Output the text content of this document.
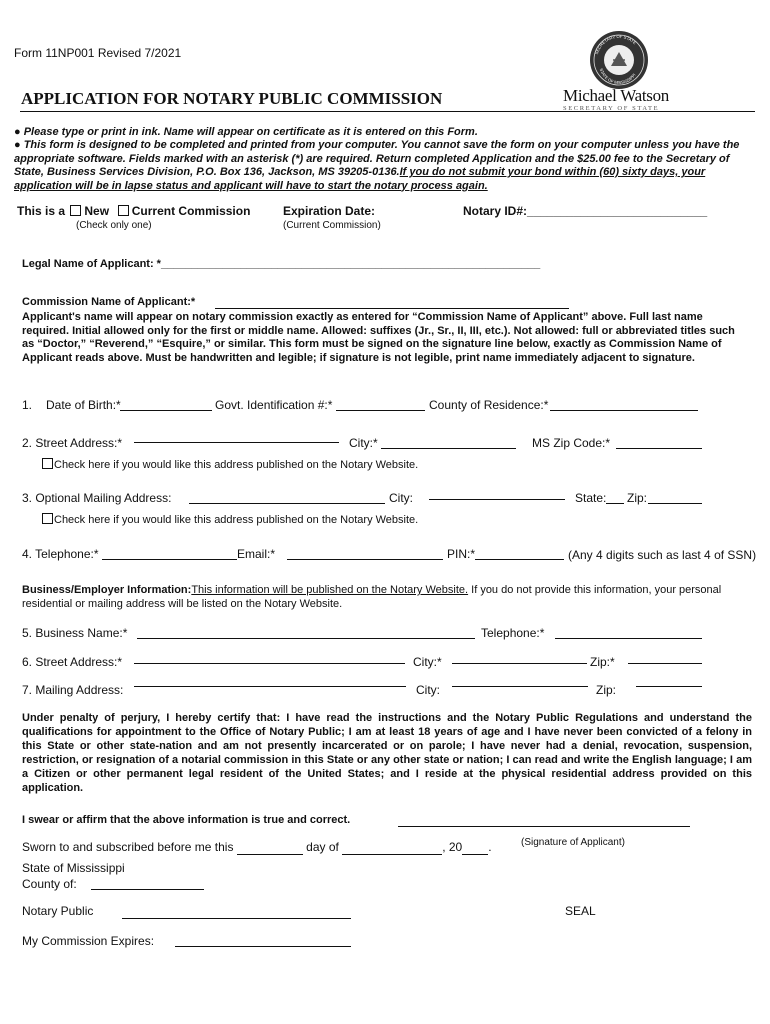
Form 11NP001 Revised 7/2021
APPLICATION FOR NOTARY PUBLIC COMMISSION	Michael Watson
SECRETARY OF STATE
● Please type or print in ink. Name will appear on certificate as it is entered on this Form.
● This form is designed to be completed and printed from your computer. You cannot save the form on your computer unless you have the appropriate software. Fields marked with an asterisk (*) are required. Return completed Application and the $25.00 fee to the Secretary of State, Business Services Division, P.O. Box 136, Jackson, MS 39205-0136.If you do not submit your bond within (60) sixty days, your application will be in lapse status and applicant will have to start the notary process again.
This is a New Current Commission
(Check only one)
Expiration Date:
(Current Commission)
Notary ID#:___________________________
Legal Name of Applicant: *______________________________________________________________
Commission Name of Applicant:*
Applicant's name will appear on notary commission exactly as entered for “Commission Name of Applicant” above. Full last name required. Initial allowed only for the first or middle name. Allowed: suffixes (Jr., Sr., II, III, etc.). Not allowed: full or abbreviated titles such as “Doctor,” “Reverend,” “Esquire,” or similar. This form must be signed on the signature line below, exactly as Commission Name of Applicant reads above. Must be handwritten and legible; if signature is not legible, print name immediately adjacent to signature.
1. Date of Birth:*	Govt. Identification #:*	County of Residence:*
2. Street Address:*	City:*	MS Zip Code:*
Check here if you would like this address published on the Notary Website.
3. Optional Mailing Address:	City:	State: Zip:
Check here if you would like this address published on the Notary Website.
4. Telephone:*	Email:*	PIN:*	(Any 4 digits such as last 4 of SSN)
Business/Employer Information:This information will be published on the Notary Website. If you do not provide this information, your personal residential or mailing address will be listed on the Notary Website.
5. Business Name:*	Telephone:*
6. Street Address:*	City:*	Zip:*
7. Mailing Address:	City:	Zip:
Under penalty of perjury, I hereby certify that: I have read the instructions and the Notary Public Regulations and understand the qualifications for appointment to the Office of Notary Public; I am at least 18 years of age and I have never been convicted of a felony in this State or other state-nation and am not presently incarcerated or on parole; I have never had a denial, revocation, suspension, restriction, or resignation of a notarial commission in this State or any other state or nation; I can read and write the English language; I am a Citizen or other permanent legal resident of the United States; and I reside at the physical residential address provided on this application.
I swear or affirm that the above information is true and correct.
(Signature of Applicant)
Sworn to and subscribed before me this	day of	, 20 .
State of Mississippi
County of:
Notary Public	SEAL
My Commission Expires:
SECRETARY OF STATE
STATE OF MISSISSIPPI
